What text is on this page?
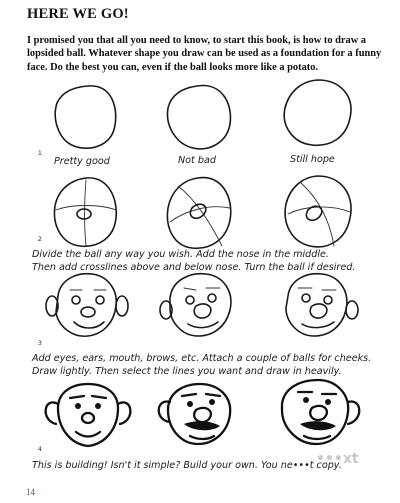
HERE WE GO!
I promised you that all you need to know, to start this book, is how to draw a lopsided ball. Whatever shape you draw can be used as a foundation for a funny face. Do the best you can, even if the ball looks more like a potato.
1
Pretty good	Not bad	Still hope
2
Divide the ball any way you wish. Add the nose in the middle.
Then add crosslines above and below nose. Turn the ball if desired.
3
Add eyes, ears, mouth, brows, etc. Attach a couple of balls for cheeks.
Draw lightly. Then select the lines you want and draw in heavily.
4
This is building! Isn't it simple? Build your own. You ne•••t copy.
•••xt
14
